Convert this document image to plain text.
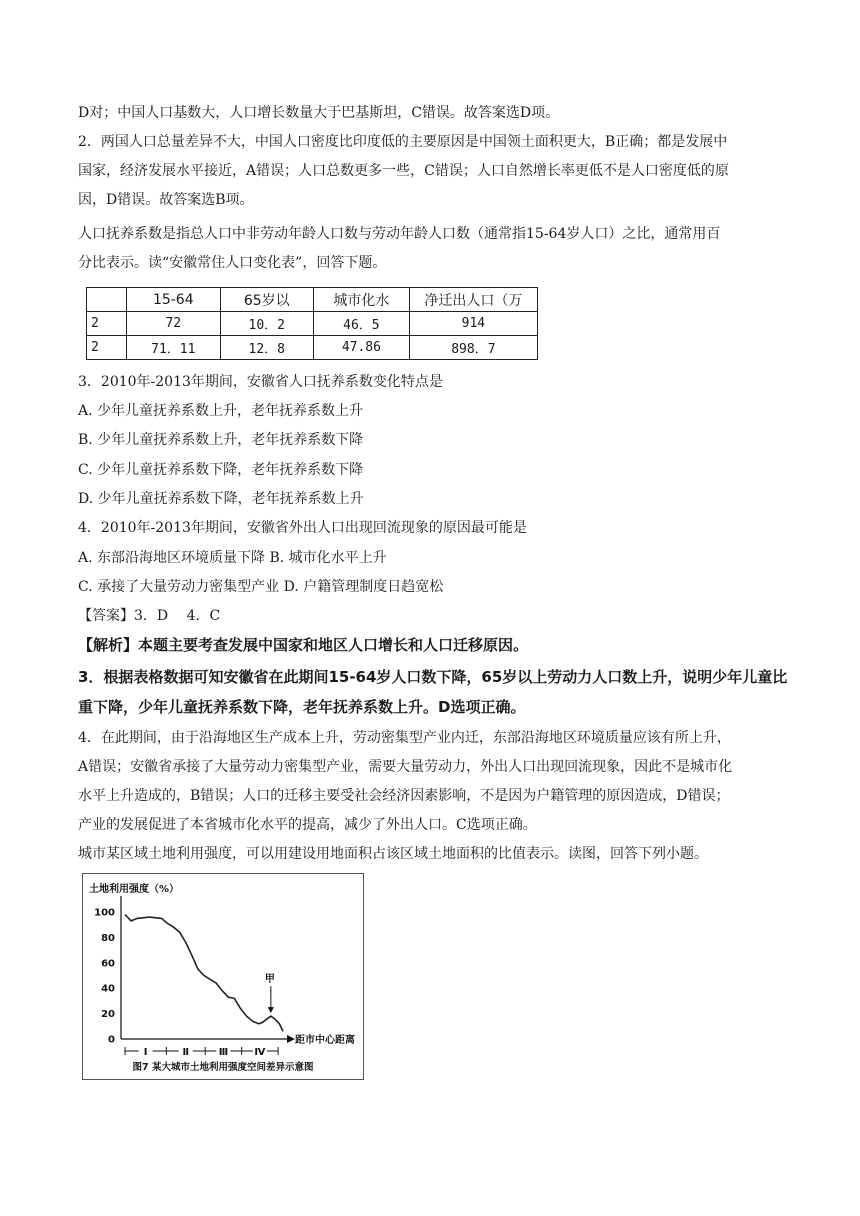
D对；中国人口基数大，人口增长数量大于巴基斯坦，C错误。故答案选D项。
2．两国人口总量差异不大，中国人口密度比印度低的主要原因是中国领土面积更大，B正确；都是发展中
国家，经济发展水平接近，A错误；人口总数更多一些，C错误；人口自然增长率更低不是人口密度低的原
因，D错误。故答案选B项。
人口抚养系数是指总人口中非劳动年龄人口数与劳动年龄人口数（通常指15-64岁人口）之比，通常用百
分比表示。读“安徽常住人口变化表”，回答下题。
	15-64	65岁以	城市化水	净迁出人口（万
2	72	10．2	46．5	914
2	71．11	12．8	47.86	898．7
3．2010年-2013年期间，安徽省人口抚养系数变化特点是
A. 少年儿童抚养系数上升，老年抚养系数上升
B. 少年儿童抚养系数上升，老年抚养系数下降
C. 少年儿童抚养系数下降，老年抚养系数下降
D. 少年儿童抚养系数下降，老年抚养系数上升
4．2010年-2013年期间，安徽省外出人口出现回流现象的原因最可能是
A. 东部沿海地区环境质量下降 B. 城市化水平上升
C. 承接了大量劳动力密集型产业 D. 户籍管理制度日趋宽松
【答案】3．D　 4．C
【解析】本题主要考查发展中国家和地区人口增长和人口迁移原因。
3．根据表格数据可知安徽省在此期间15-64岁人口数下降，65岁以上劳动力人口数上升，说明少年儿童比
重下降，少年儿童抚养系数下降，老年抚养系数上升。D选项正确。
4．在此期间，由于沿海地区生产成本上升，劳动密集型产业内迁，东部沿海地区环境质量应该有所上升，
A错误；安徽省承接了大量劳动力密集型产业，需要大量劳动力，外出人口出现回流现象，因此不是城市化
水平上升造成的，B错误；人口的迁移主要受社会经济因素影响，不是因为户籍管理的原因造成，D错误；
产业的发展促进了本省城市化水平的提高，减少了外出人口。C选项正确。
城市某区域土地利用强度，可以用建设用地面积占该区域土地面积的比值表示。读图，回答下列小题。
土地利用强度（%）
100
80
60
40
20
0	距市中心距离
Ⅰ	Ⅱ	Ⅲ	Ⅳ
甲
图7 某大城市土地利用强度空间差异示意图
